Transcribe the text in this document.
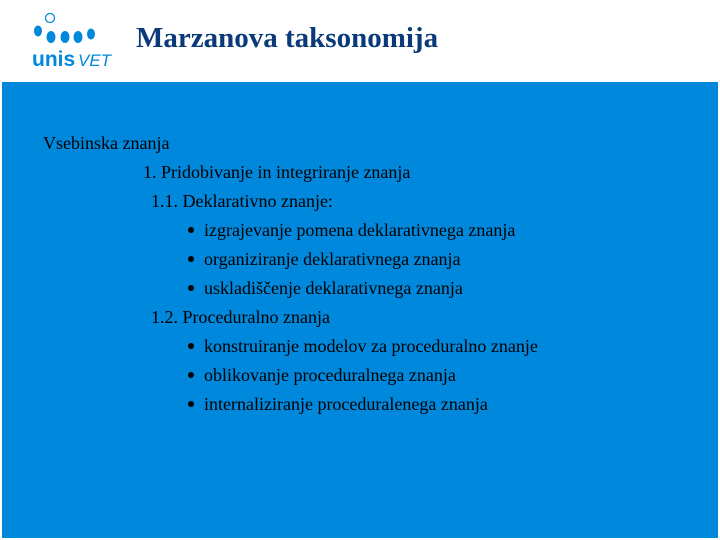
unis VET
Marzanova taksonomija
Vsebinska znanja
1. Pridobivanje in integriranje znanja
1.1. Deklarativno znanje:
izgrajevanje pomena deklarativnega znanja
organiziranje deklarativnega znanja
uskladiščenje deklarativnega znanja
1.2. Proceduralno znanja
konstruiranje modelov za proceduralno znanje
oblikovanje proceduralnega znanja
internaliziranje proceduralenega znanja
